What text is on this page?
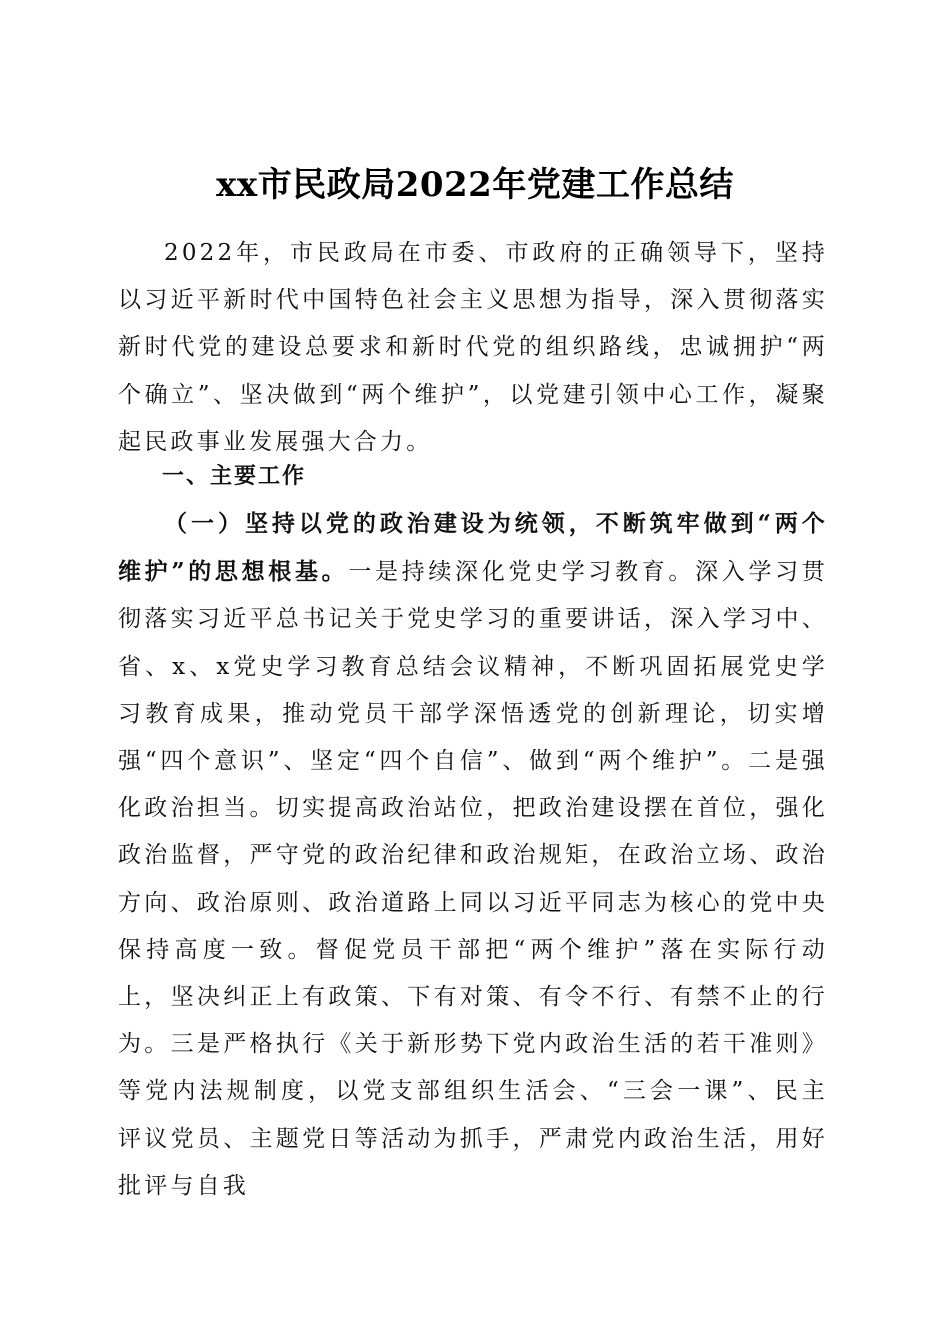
xx市民政局2022年党建工作总结

2022年，市民政局在市委、市政府的正确领导下，坚持以习近平新时代中国特色社会主义思想为指导，深入贯彻落实新时代党的建设总要求和新时代党的组织路线，忠诚拥护“两个确立”、坚决做到“两个维护”，以党建引领中心工作，凝聚起民政事业发展强大合力。

一、主要工作

（一）坚持以党的政治建设为统领，不断筑牢做到“两个维护”的思想根基。一是持续深化党史学习教育。深入学习贯彻落实习近平总书记关于党史学习的重要讲话，深入学习中、省、x、x党史学习教育总结会议精神，不断巩固拓展党史学习教育成果，推动党员干部学深悟透党的创新理论，切实增强“四个意识”、坚定“四个自信”、做到“两个维护”。二是强化政治担当。切实提高政治站位，把政治建设摆在首位，强化政治监督，严守党的政治纪律和政治规矩，在政治立场、政治方向、政治原则、政治道路上同以习近平同志为核心的党中央保持高度一致。督促党员干部把“两个维护”落在实际行动上，坚决纠正上有政策、下有对策、有令不行、有禁不止的行为。三是严格执行《关于新形势下党内政治生活的若干准则》等党内法规制度，以党支部组织生活会、“三会一课”、民主评议党员、主题党日等活动为抓手，严肃党内政治生活，用好批评与自我
